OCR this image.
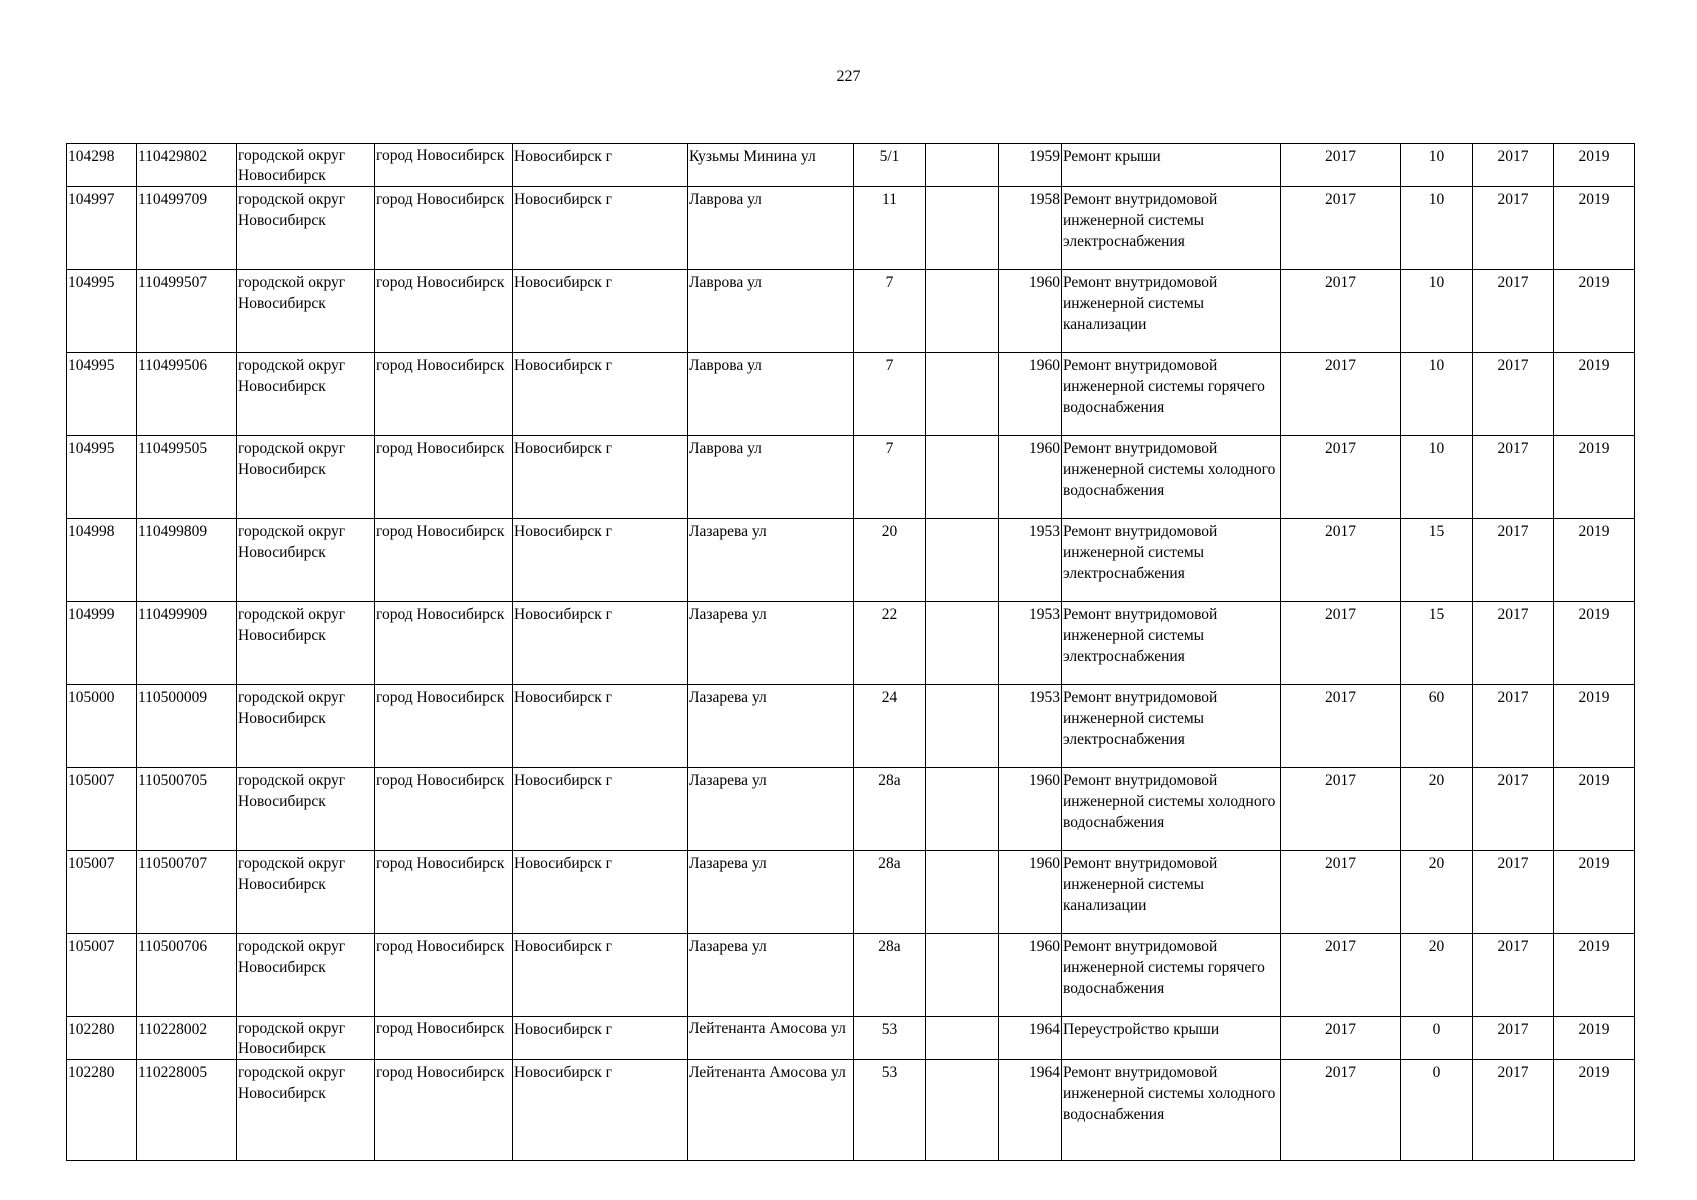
227
104298	110429802	городской округ Новосибирск	город Новосибирск	Новосибирск г	Кузьмы Минина ул	5/1		1959	Ремонт крыши	2017	10	2017	2019
104997	110499709	городской округ Новосибирск	город Новосибирск	Новосибирск г	Лаврова ул	11		1958	Ремонт внутридомовой инженерной системы электроснабжения	2017	10	2017	2019
104995	110499507	городской округ Новосибирск	город Новосибирск	Новосибирск г	Лаврова ул	7		1960	Ремонт внутридомовой инженерной системы канализации	2017	10	2017	2019
104995	110499506	городской округ Новосибирск	город Новосибирск	Новосибирск г	Лаврова ул	7		1960	Ремонт внутридомовой инженерной системы горячего водоснабжения	2017	10	2017	2019
104995	110499505	городской округ Новосибирск	город Новосибирск	Новосибирск г	Лаврова ул	7		1960	Ремонт внутридомовой инженерной системы холодного водоснабжения	2017	10	2017	2019
104998	110499809	городской округ Новосибирск	город Новосибирск	Новосибирск г	Лазарева ул	20		1953	Ремонт внутридомовой инженерной системы электроснабжения	2017	15	2017	2019
104999	110499909	городской округ Новосибирск	город Новосибирск	Новосибирск г	Лазарева ул	22		1953	Ремонт внутридомовой инженерной системы электроснабжения	2017	15	2017	2019
105000	110500009	городской округ Новосибирск	город Новосибирск	Новосибирск г	Лазарева ул	24		1953	Ремонт внутридомовой инженерной системы электроснабжения	2017	60	2017	2019
105007	110500705	городской округ Новосибирск	город Новосибирск	Новосибирск г	Лазарева ул	28а		1960	Ремонт внутридомовой инженерной системы холодного водоснабжения	2017	20	2017	2019
105007	110500707	городской округ Новосибирск	город Новосибирск	Новосибирск г	Лазарева ул	28а		1960	Ремонт внутридомовой инженерной системы канализации	2017	20	2017	2019
105007	110500706	городской округ Новосибирск	город Новосибирск	Новосибирск г	Лазарева ул	28а		1960	Ремонт внутридомовой инженерной системы горячего водоснабжения	2017	20	2017	2019
102280	110228002	городской округ Новосибирск	город Новосибирск	Новосибирск г	Лейтенанта Амосова ул	53		1964	Переустройство крыши	2017	0	2017	2019
102280	110228005	городской округ Новосибирск	город Новосибирск	Новосибирск г	Лейтенанта Амосова ул	53		1964	Ремонт внутридомовой инженерной системы холодного водоснабжения	2017	0	2017	2019
